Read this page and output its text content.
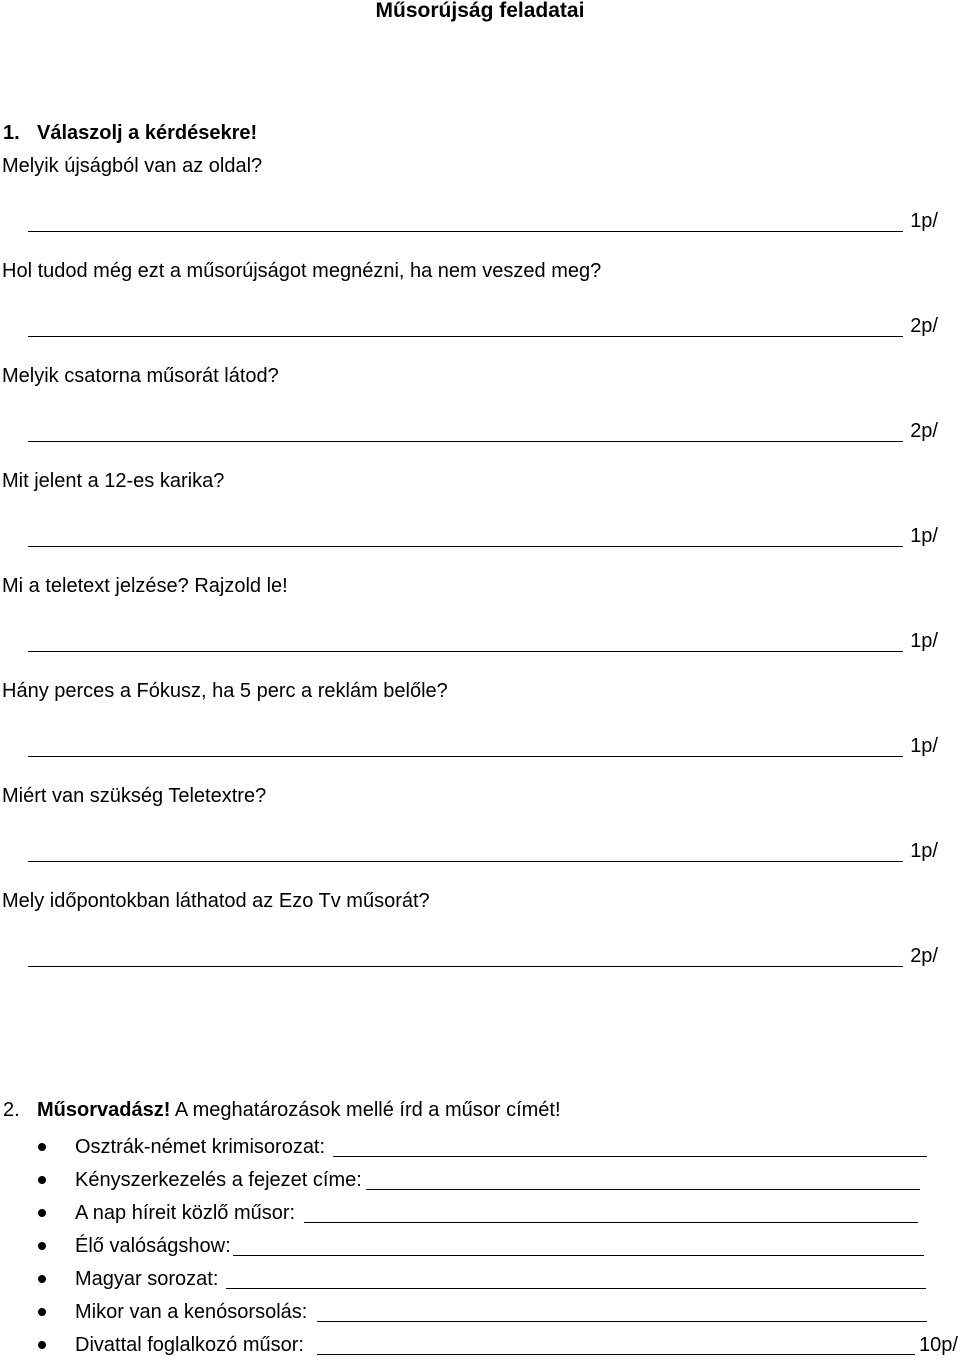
Műsorújság feladatai
1. Válaszolj a kérdésekre!
Melyik újságból van az oldal?
1p/
Hol tudod még ezt a műsorújságot megnézni, ha nem veszed meg?
2p/
Melyik csatorna műsorát látod?
2p/
Mit jelent a 12-es karika?
1p/
Mi a teletext jelzése? Rajzold le!
1p/
Hány perces a Fókusz, ha 5 perc a reklám belőle?
1p/
Miért van szükség Teletextre?
1p/
Mely időpontokban láthatod az Ezo Tv műsorát?
2p/
2. Műsorvadász! A meghatározások mellé írd a műsor címét!
Osztrák-német krimisorozat:
Kényszerkezelés a fejezet címe:
A nap híreit közlő műsor:
Élő valóságshow:
Magyar sorozat:
Mikor van a kenósorsolás:
Divattal foglalkozó műsor:	10p/
